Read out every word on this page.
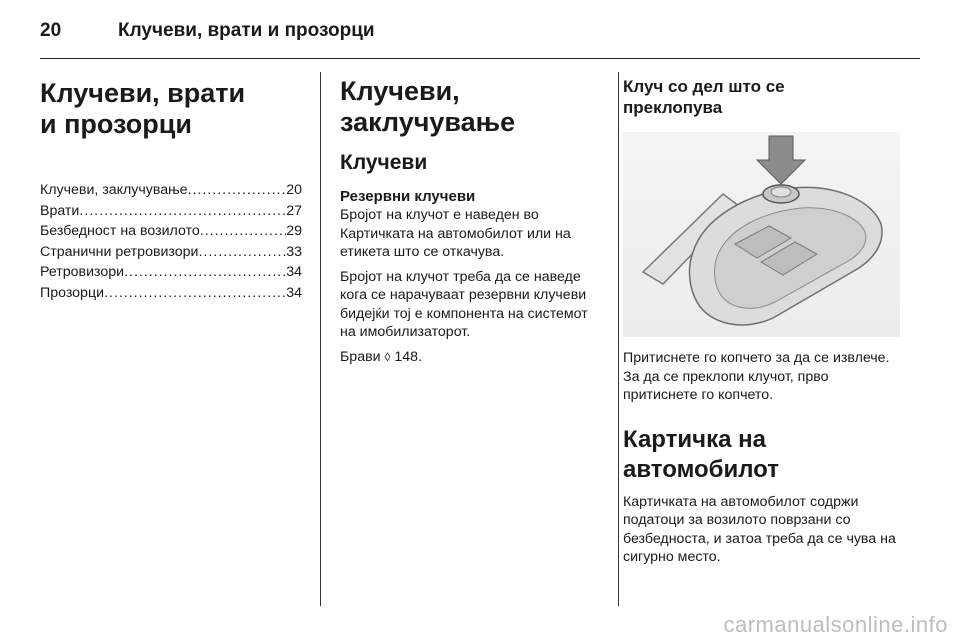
20	Клучеви, врати и прозорци
Клучеви, врати
и прозорци
Клучеви, заклучување .....	20
Врати .....	27
Безбедност на возилото .....	29
Странични ретровизори .....	33
Ретровизори .....	34
Прозорци .....	34
Клучеви, заклучување
Клучеви
Резервни клучеви

Бројот на клучот е наведен во Картичката на автомобилот или на етикета што се откачува.

Бројот на клучот треба да се наведе кога се нарачуваат резервни клучеви бидејќи тој е компонента на системот на имобилизаторот.

Брави ◊ 148.

Клуч со дел што се преклопува

Притиснете го копчето за да се извлече. За да се преклопи клучот, прво притиснете го копчето.

Картичка на автомобилот

Картичката на автомобилот содржи податоци за возилото поврзани со безбедноста, и затоа треба да се чува на сигурно место.

carmanualsonline.info
